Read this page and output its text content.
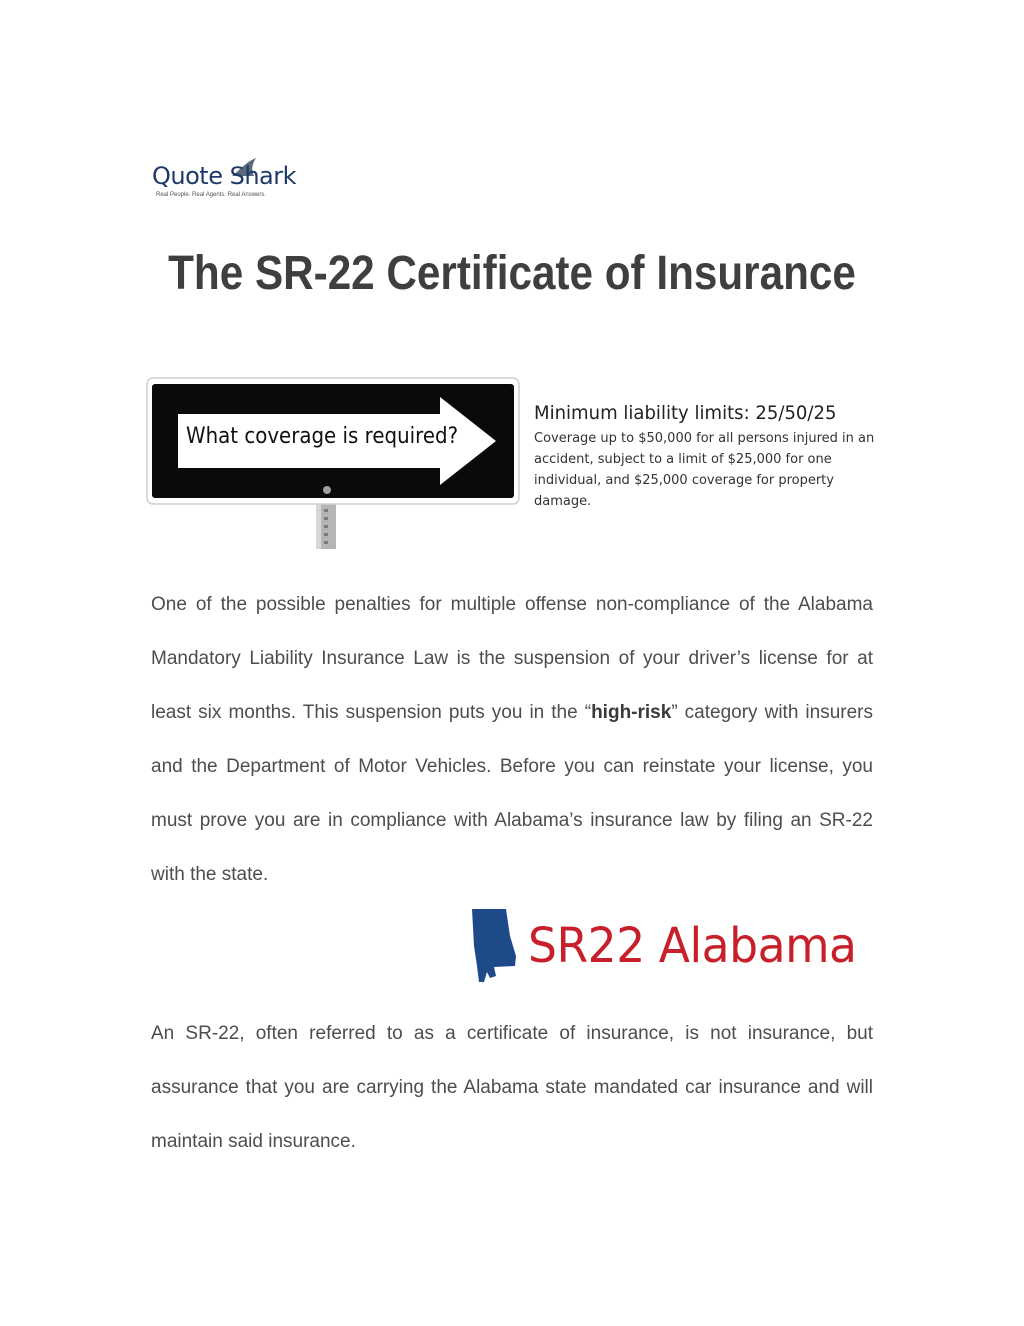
Quote Shark
Real People. Real Agents. Real Answers.
The SR-22 Certificate of Insurance
What coverage is required?
Minimum liability limits: 25/50/25
Coverage up to $50,000 for all persons injured in an accident, subject to a limit of $25,000 for one individual, and $25,000 coverage for property damage.
One of the possible penalties for multiple offense non-compliance of the Alabama Mandatory Liability Insurance Law is the suspension of your driver’s license for at least six months. This suspension puts you in the “high-risk” category with insurers and the Department of Motor Vehicles. Before you can reinstate your license, you must prove you are in compliance with Alabama’s insurance law by filing an SR-22 with the state.
SR22 Alabama
An SR-22, often referred to as a certificate of insurance, is not insurance, but assurance that you are carrying the Alabama state mandated car insurance and will maintain said insurance.
